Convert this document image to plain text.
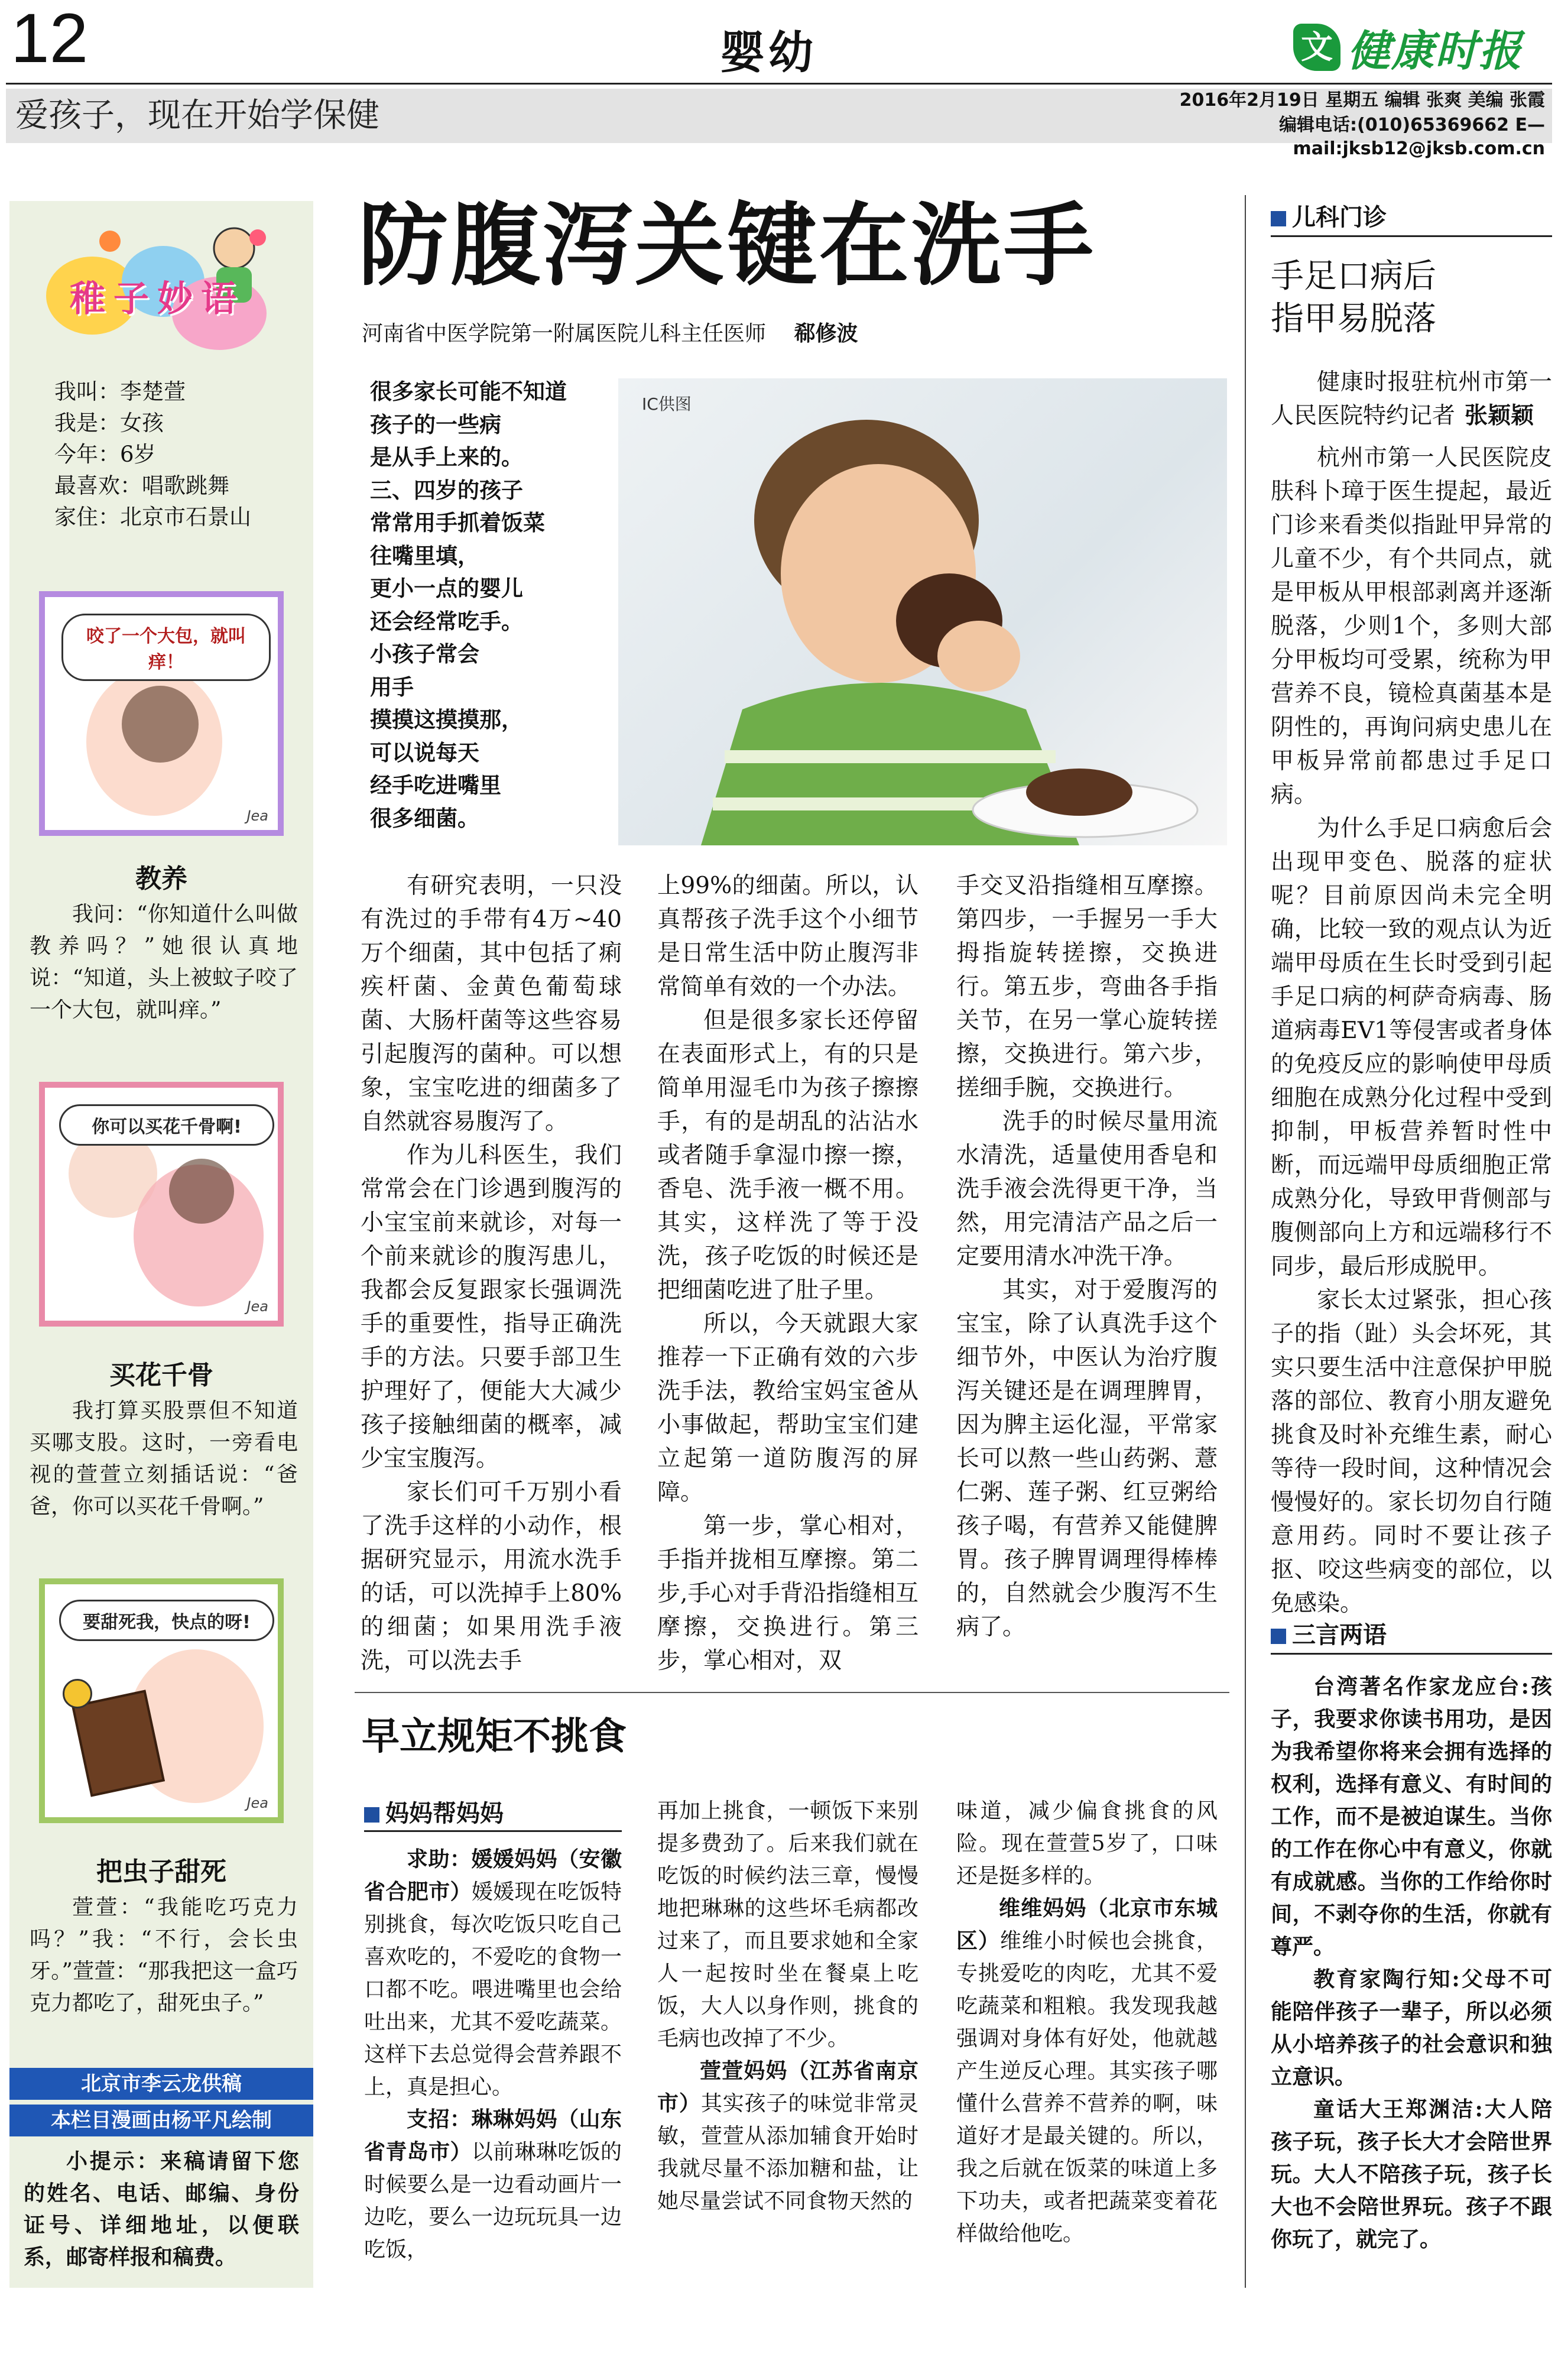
12	婴幼	文 健康时报
爱孩子，现在开始学保健	2016年2月19日 星期五 编辑 张爽 美编 张霞
编辑电话:(010)65369662 E—mail:jksb12@jksb.com.cn
稚子妙语
我叫：李楚萱
我是：女孩
今年：6岁
最喜欢：唱歌跳舞
家住：北京市石景山
咬了一个大包，就叫痒！
Jea
教养
我问：“你知道什么叫做教养吗？”她很认真地说：“知道，头上被蚊子咬了一个大包，就叫痒。”
你可以买花千骨啊!
Jea
买花千骨
我打算买股票但不知道买哪支股。这时，一旁看电视的萱萱立刻插话说：“爸爸，你可以买花千骨啊。”
要甜死我，快点的呀!
Jea
把虫子甜死
萱萱：“我能吃巧克力吗？”我：“不行，会长虫牙。”萱萱：“那我把这一盒巧克力都吃了，甜死虫子。”
北京市李云龙供稿
本栏目漫画由杨平凡绘制
小提示：来稿请留下您的姓名、电话、邮编、身份证号、详细地址，以便联系，邮寄样报和稿费。
防腹泻关键在洗手
河南省中医学院第一附属医院儿科主任医师 郗修波
很多家长可能不知道
孩子的一些病
是从手上来的。
三、四岁的孩子
常常用手抓着饭菜
往嘴里填，
更小一点的婴儿
还会经常吃手。
小孩子常会
用手
摸摸这摸摸那，
可以说每天
经手吃进嘴里
很多细菌。
IC供图

有研究表明，一只没有洗过的手带有4万~40万个细菌，其中包括了痢疾杆菌、金黄色葡萄球菌、大肠杆菌等这些容易引起腹泻的菌种。可以想象，宝宝吃进的细菌多了自然就容易腹泻了。

作为儿科医生，我们常常会在门诊遇到腹泻的小宝宝前来就诊，对每一个前来就诊的腹泻患儿，我都会反复跟家长强调洗手的重要性，指导正确洗手的方法。只要手部卫生护理好了，便能大大减少孩子接触细菌的概率，减少宝宝腹泻。

家长们可千万别小看了洗手这样的小动作，根据研究显示，用流水洗手的话，可以洗掉手上80%的细菌；如果用洗手液洗，可以洗去手

上99%的细菌。所以，认真帮孩子洗手这个小细节是日常生活中防止腹泻非常简单有效的一个办法。

但是很多家长还停留在表面形式上，有的只是简单用湿毛巾为孩子擦擦手，有的是胡乱的沾沾水或者随手拿湿巾擦一擦，香皂、洗手液一概不用。其实，这样洗了等于没洗，孩子吃饭的时候还是把细菌吃进了肚子里。

所以，今天就跟大家推荐一下正确有效的六步洗手法，教给宝妈宝爸从小事做起，帮助宝宝们建立起第一道防腹泻的屏障。

第一步，掌心相对，手指并拢相互摩擦。第二步,手心对手背沿指缝相互摩擦，交换进行。第三步，掌心相对，双

手交叉沿指缝相互摩擦。第四步，一手握另一手大拇指旋转搓擦，交换进行。第五步，弯曲各手指关节，在另一掌心旋转搓擦，交换进行。第六步，搓细手腕，交换进行。

洗手的时候尽量用流水清洗，适量使用香皂和洗手液会洗得更干净，当然，用完清洁产品之后一定要用清水冲洗干净。

其实，对于爱腹泻的宝宝，除了认真洗手这个细节外，中医认为治疗腹泻关键还是在调理脾胃，因为脾主运化湿，平常家长可以熬一些山药粥、薏仁粥、莲子粥、红豆粥给孩子喝，有营养又能健脾胃。孩子脾胃调理得棒棒的，自然就会少腹泻不生病了。

儿科门诊
手足口病后
指甲易脱落

健康时报驻杭州市第一人民医院特约记者 张颖颖

杭州市第一人民医院皮肤科卜璋于医生提起，最近门诊来看类似指趾甲异常的儿童不少，有个共同点，就是甲板从甲根部剥离并逐渐脱落，少则1个，多则大部分甲板均可受累，统称为甲营养不良，镜检真菌基本是阴性的，再询问病史患儿在甲板异常前都患过手足口病。

为什么手足口病愈后会出现甲变色、脱落的症状呢？目前原因尚未完全明确，比较一致的观点认为近端甲母质在生长时受到引起手足口病的柯萨奇病毒、肠道病毒EV1等侵害或者身体的免疫反应的影响使甲母质细胞在成熟分化过程中受到抑制，甲板营养暂时性中断，而远端甲母质细胞正常成熟分化，导致甲背侧部与腹侧部向上方和远端移行不同步，最后形成脱甲。

家长太过紧张，担心孩子的指（趾）头会坏死，其实只要生活中注意保护甲脱落的部位、教育小朋友避免挑食及时补充维生素，耐心等待一段时间，这种情况会慢慢好的。家长切勿自行随意用药。同时不要让孩子抠、咬这些病变的部位，以免感染。

三言两语

台湾著名作家龙应台:孩子，我要求你读书用功，是因为我希望你将来会拥有选择的权利，选择有意义、有时间的工作，而不是被迫谋生。当你的工作在你心中有意义，你就有成就感。当你的工作给你时间，不剥夺你的生活，你就有尊严。

教育家陶行知:父母不可能陪伴孩子一辈子，所以必须从小培养孩子的社会意识和独立意识。

童话大王郑渊洁:大人陪孩子玩，孩子长大才会陪世界玩。大人不陪孩子玩，孩子长大也不会陪世界玩。孩子不跟你玩了，就完了。

早立规矩不挑食
妈妈帮妈妈

求助：媛媛妈妈（安徽省合肥市）媛媛现在吃饭特别挑食，每次吃饭只吃自己喜欢吃的，不爱吃的食物一口都不吃。喂进嘴里也会给吐出来，尤其不爱吃蔬菜。这样下去总觉得会营养跟不上，真是担心。

支招：琳琳妈妈（山东省青岛市）以前琳琳吃饭的时候要么是一边看动画片一边吃，要么一边玩玩具一边吃饭，

再加上挑食，一顿饭下来别提多费劲了。后来我们就在吃饭的时候约法三章，慢慢地把琳琳的这些坏毛病都改过来了，而且要求她和全家人一起按时坐在餐桌上吃饭，大人以身作则，挑食的毛病也改掉了不少。

萱萱妈妈（江苏省南京市）其实孩子的味觉非常灵敏，萱萱从添加辅食开始时我就尽量不添加糖和盐，让她尽量尝试不同食物天然的

味道，减少偏食挑食的风险。现在萱萱5岁了，口味还是挺多样的。

维维妈妈（北京市东城区）维维小时候也会挑食，专挑爱吃的肉吃，尤其不爱吃蔬菜和粗粮。我发现我越强调对身体有好处，他就越产生逆反心理。其实孩子哪懂什么营养不营养的啊，味道好才是最关键的。所以，我之后就在饭菜的味道上多下功夫，或者把蔬菜变着花样做给他吃。
